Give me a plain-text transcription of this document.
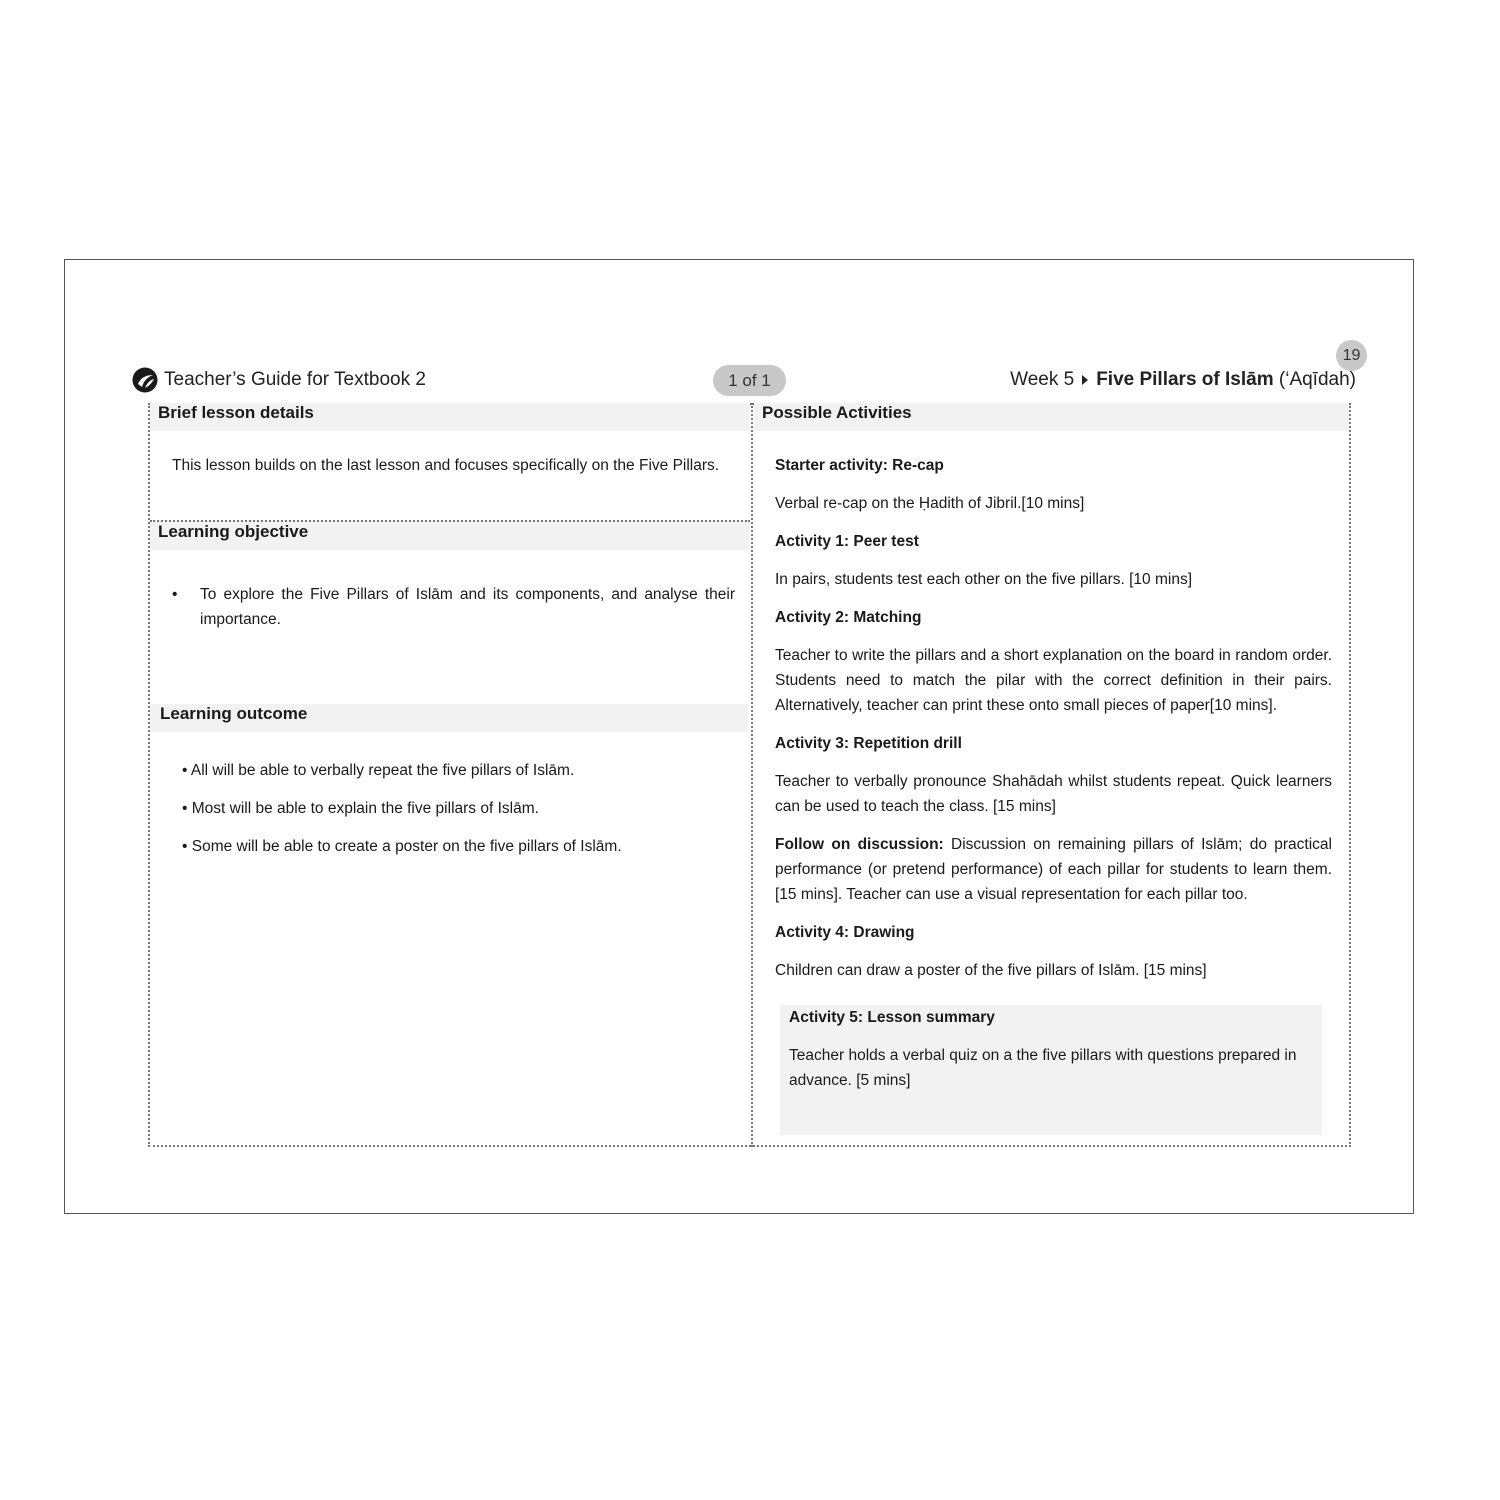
Teacher’s Guide for Textbook 2	1 of 1
19
Week 5 Five Pillars of Islām (‘Aqīdah)
Brief lesson details
This lesson builds on the last lesson and focuses specifically on the Five Pillars.
Learning objective
•	To explore the Five Pillars of Islām and its components, and analyse their importance.
Learning outcome
• All will be able to verbally repeat the five pillars of Islām.
• Most will be able to explain the five pillars of Islām.
• Some will be able to create a poster on the five pillars of Islām.
Possible Activities
Starter activity: Re-cap
Verbal re-cap on the Ḥadith of Jibril.[10 mins]
Activity 1: Peer test
In pairs, students test each other on the five pillars. [10 mins]
Activity 2: Matching
Teacher to write the pillars and a short explanation on the board in random order. Students need to match the pilar with the correct definition in their pairs. Alternatively, teacher can print these onto small pieces of paper[10 mins].
Activity 3: Repetition drill
Teacher to verbally pronounce Shahādah whilst students repeat. Quick learners can be used to teach the class. [15 mins]
Follow on discussion: Discussion on remaining pillars of Islām; do practical performance (or pretend performance) of each pillar for students to learn them. [15 mins]. Teacher can use a visual representation for each pillar too.
Activity 4: Drawing
Children can draw a poster of the five pillars of Islām. [15 mins]
Activity 5: Lesson summary
Teacher holds a verbal quiz on a the five pillars with questions prepared in advance. [5 mins]
